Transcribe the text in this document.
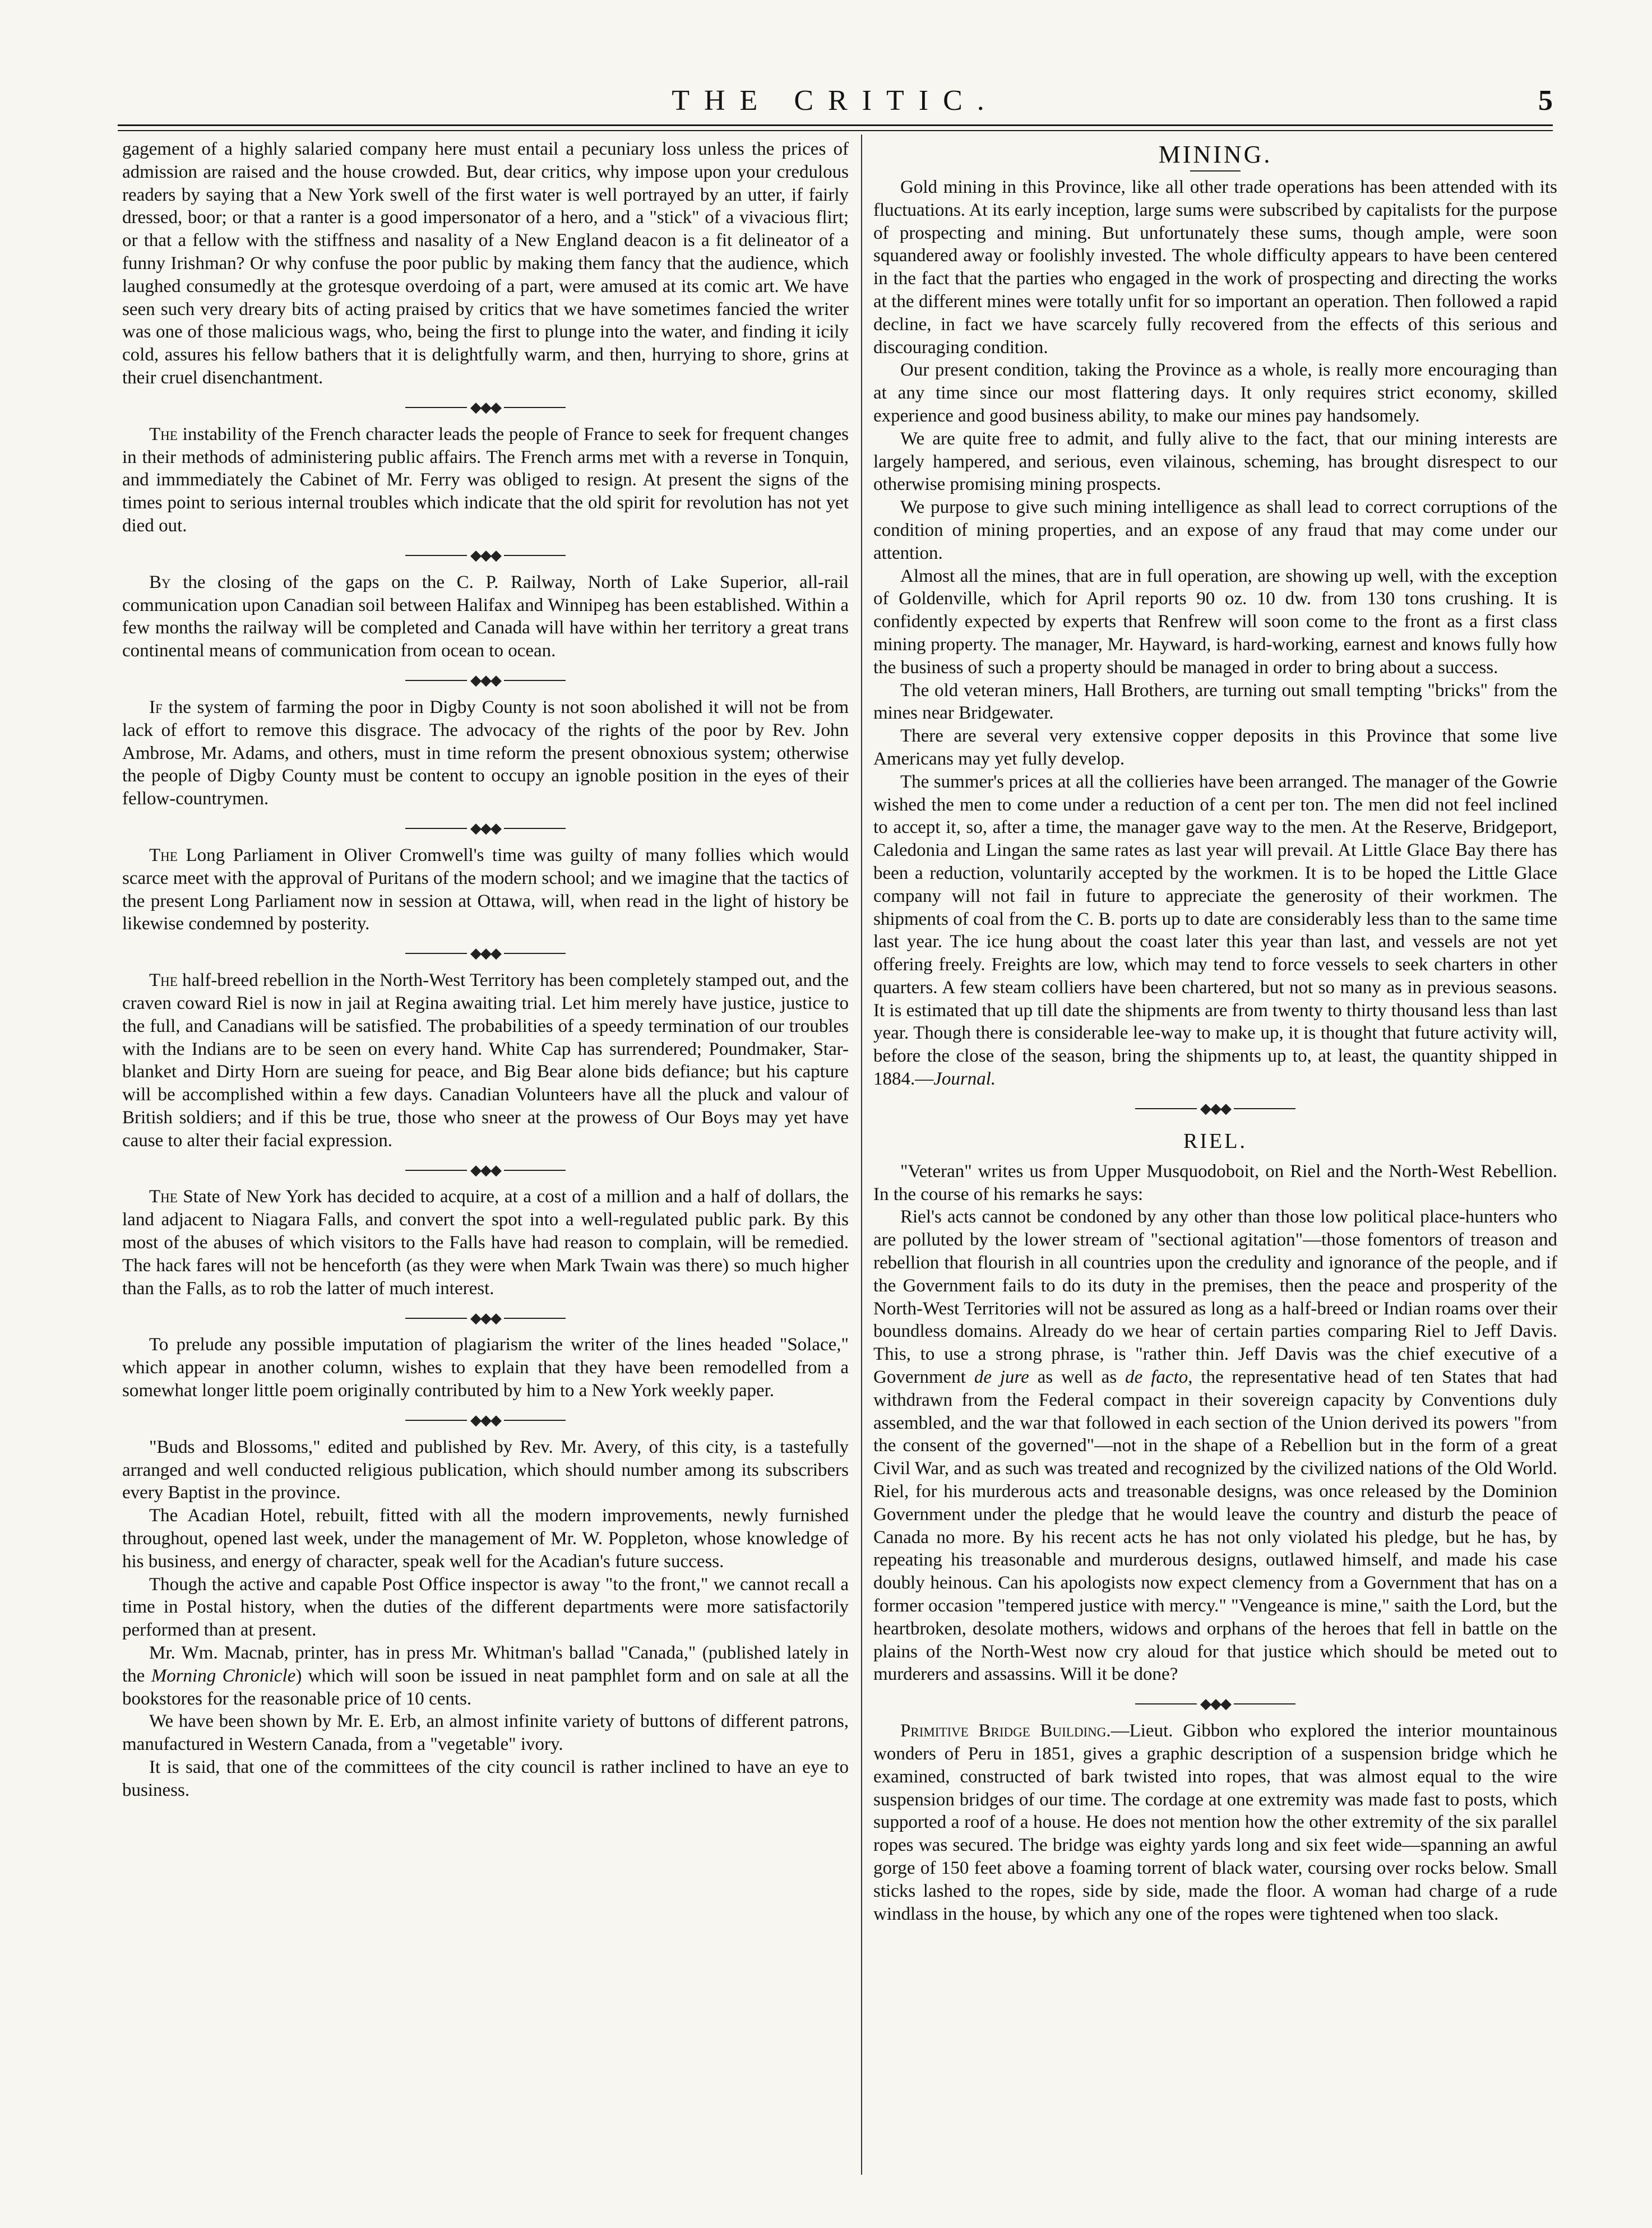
THE CRITIC.	5

gagement of a highly salaried company here must entail a pecuniary loss unless the prices of admission are raised and the house crowded. But, dear critics, why impose upon your credulous readers by saying that a New York swell of the first water is well portrayed by an utter, if fairly dressed, boor; or that a ranter is a good impersonator of a hero, and a "stick" of a vivacious flirt; or that a fellow with the stiffness and nasality of a New England deacon is a fit delineator of a funny Irishman? Or why confuse the poor public by making them fancy that the audience, which laughed consumedly at the grotesque overdoing of a part, were amused at its comic art. We have seen such very dreary bits of acting praised by critics that we have sometimes fancied the writer was one of those malicious wags, who, being the first to plunge into the water, and finding it icily cold, assures his fellow bathers that it is delightfully warm, and then, hurrying to shore, grins at their cruel disenchantment.

◆◆◆

The instability of the French character leads the people of France to seek for frequent changes in their methods of administering public affairs. The French arms met with a reverse in Tonquin, and immmediately the Cabinet of Mr. Ferry was obliged to resign. At present the signs of the times point to serious internal troubles which indicate that the old spirit for revolution has not yet died out.

◆◆◆

By the closing of the gaps on the C. P. Railway, North of Lake Superior, all-rail communication upon Canadian soil between Halifax and Winnipeg has been established. Within a few months the railway will be completed and Canada will have within her territory a great trans continental means of communication from ocean to ocean.

◆◆◆

If the system of farming the poor in Digby County is not soon abolished it will not be from lack of effort to remove this disgrace. The advocacy of the rights of the poor by Rev. John Ambrose, Mr. Adams, and others, must in time reform the present obnoxious system; otherwise the people of Digby County must be content to occupy an ignoble position in the eyes of their fellow-countrymen.

◆◆◆

The Long Parliament in Oliver Cromwell's time was guilty of many follies which would scarce meet with the approval of Puritans of the modern school; and we imagine that the tactics of the present Long Parliament now in session at Ottawa, will, when read in the light of history be likewise condemned by posterity.

◆◆◆

The half-breed rebellion in the North-West Territory has been completely stamped out, and the craven coward Riel is now in jail at Regina awaiting trial. Let him merely have justice, justice to the full, and Canadians will be satisfied. The probabilities of a speedy termination of our troubles with the Indians are to be seen on every hand. White Cap has surrendered; Poundmaker, Star-blanket and Dirty Horn are sueing for peace, and Big Bear alone bids defiance; but his capture will be accomplished within a few days. Canadian Volunteers have all the pluck and valour of British soldiers; and if this be true, those who sneer at the prowess of Our Boys may yet have cause to alter their facial expression.

◆◆◆

The State of New York has decided to acquire, at a cost of a million and a half of dollars, the land adjacent to Niagara Falls, and convert the spot into a well-regulated public park. By this most of the abuses of which visitors to the Falls have had reason to complain, will be remedied. The hack fares will not be henceforth (as they were when Mark Twain was there) so much higher than the Falls, as to rob the latter of much interest.

◆◆◆

To prelude any possible imputation of plagiarism the writer of the lines headed "Solace," which appear in another column, wishes to explain that they have been remodelled from a somewhat longer little poem originally contributed by him to a New York weekly paper.

◆◆◆

"Buds and Blossoms," edited and published by Rev. Mr. Avery, of this city, is a tastefully arranged and well conducted religious publication, which should number among its subscribers every Baptist in the province.

The Acadian Hotel, rebuilt, fitted with all the modern improvements, newly furnished throughout, opened last week, under the management of Mr. W. Poppleton, whose knowledge of his business, and energy of character, speak well for the Acadian's future success.

Though the active and capable Post Office inspector is away "to the front," we cannot recall a time in Postal history, when the duties of the different departments were more satisfactorily performed than at present.

Mr. Wm. Macnab, printer, has in press Mr. Whitman's ballad "Canada," (published lately in the Morning Chronicle) which will soon be issued in neat pamphlet form and on sale at all the bookstores for the reasonable price of 10 cents.

We have been shown by Mr. E. Erb, an almost infinite variety of buttons of different patrons, manufactured in Western Canada, from a "vegetable" ivory.

It is said, that one of the committees of the city council is rather inclined to have an eye to business.

MINING.

Gold mining in this Province, like all other trade operations has been attended with its fluctuations. At its early inception, large sums were subscribed by capitalists for the purpose of prospecting and mining. But unfortunately these sums, though ample, were soon squandered away or foolishly invested. The whole difficulty appears to have been centered in the fact that the parties who engaged in the work of prospecting and directing the works at the different mines were totally unfit for so important an operation. Then followed a rapid decline, in fact we have scarcely fully recovered from the effects of this serious and discouraging condition.

Our present condition, taking the Province as a whole, is really more encouraging than at any time since our most flattering days. It only requires strict economy, skilled experience and good business ability, to make our mines pay handsomely.

We are quite free to admit, and fully alive to the fact, that our mining interests are largely hampered, and serious, even vilainous, scheming, has brought disrespect to our otherwise promising mining prospects.

We purpose to give such mining intelligence as shall lead to correct corruptions of the condition of mining properties, and an expose of any fraud that may come under our attention.

Almost all the mines, that are in full operation, are showing up well, with the exception of Goldenville, which for April reports 90 oz. 10 dw. from 130 tons crushing. It is confidently expected by experts that Renfrew will soon come to the front as a first class mining property. The manager, Mr. Hayward, is hard-working, earnest and knows fully how the business of such a property should be managed in order to bring about a success.

The old veteran miners, Hall Brothers, are turning out small tempting "bricks" from the mines near Bridgewater.

There are several very extensive copper deposits in this Province that some live Americans may yet fully develop.

The summer's prices at all the collieries have been arranged. The manager of the Gowrie wished the men to come under a reduction of a cent per ton. The men did not feel inclined to accept it, so, after a time, the manager gave way to the men. At the Reserve, Bridgeport, Caledonia and Lingan the same rates as last year will prevail. At Little Glace Bay there has been a reduction, voluntarily accepted by the workmen. It is to be hoped the Little Glace company will not fail in future to appreciate the generosity of their workmen. The shipments of coal from the C. B. ports up to date are considerably less than to the same time last year. The ice hung about the coast later this year than last, and vessels are not yet offering freely. Freights are low, which may tend to force vessels to seek charters in other quarters. A few steam colliers have been chartered, but not so many as in previous seasons. It is estimated that up till date the shipments are from twenty to thirty thousand less than last year. Though there is considerable lee-way to make up, it is thought that future activity will, before the close of the season, bring the shipments up to, at least, the quantity shipped in 1884.—Journal.

◆◆◆
RIEL.

"Veteran" writes us from Upper Musquodoboit, on Riel and the North-West Rebellion. In the course of his remarks he says:

Riel's acts cannot be condoned by any other than those low political place-hunters who are polluted by the lower stream of "sectional agitation"—those fomentors of treason and rebellion that flourish in all countries upon the credulity and ignorance of the people, and if the Government fails to do its duty in the premises, then the peace and prosperity of the North-West Territories will not be assured as long as a half-breed or Indian roams over their boundless domains. Already do we hear of certain parties comparing Riel to Jeff Davis. This, to use a strong phrase, is "rather thin. Jeff Davis was the chief executive of a Government de jure as well as de facto, the representative head of ten States that had withdrawn from the Federal compact in their sovereign capacity by Conventions duly assembled, and the war that followed in each section of the Union derived its powers "from the consent of the governed"—not in the shape of a Rebellion but in the form of a great Civil War, and as such was treated and recognized by the civilized nations of the Old World. Riel, for his murderous acts and treasonable designs, was once released by the Dominion Government under the pledge that he would leave the country and disturb the peace of Canada no more. By his recent acts he has not only violated his pledge, but he has, by repeating his treasonable and murderous designs, outlawed himself, and made his case doubly heinous. Can his apologists now expect clemency from a Government that has on a former occasion "tempered justice with mercy." "Vengeance is mine," saith the Lord, but the heartbroken, desolate mothers, widows and orphans of the heroes that fell in battle on the plains of the North-West now cry aloud for that justice which should be meted out to murderers and assassins. Will it be done?

◆◆◆

Primitive Bridge Building.—Lieut. Gibbon who explored the interior mountainous wonders of Peru in 1851, gives a graphic description of a suspension bridge which he examined, constructed of bark twisted into ropes, that was almost equal to the wire suspension bridges of our time. The cordage at one extremity was made fast to posts, which supported a roof of a house. He does not mention how the other extremity of the six parallel ropes was secured. The bridge was eighty yards long and six feet wide—spanning an awful gorge of 150 feet above a foaming torrent of black water, coursing over rocks below. Small sticks lashed to the ropes, side by side, made the floor. A woman had charge of a rude windlass in the house, by which any one of the ropes were tightened when too slack.
